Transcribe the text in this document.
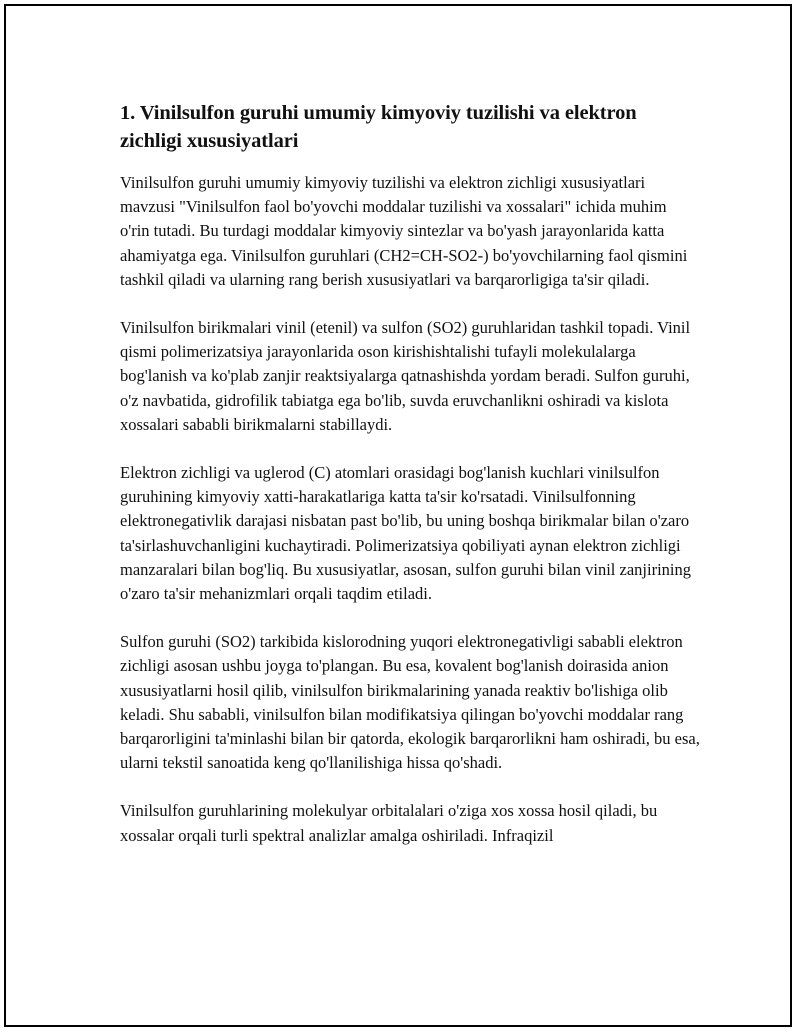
1. Vinilsulfon guruhi umumiy kimyoviy tuzilishi va elektron zichligi xususiyatlari

Vinilsulfon guruhi umumiy kimyoviy tuzilishi va elektron zichligi xususiyatlari mavzusi "Vinilsulfon faol bo'yovchi moddalar tuzilishi va xossalari" ichida muhim o'rin tutadi. Bu turdagi moddalar kimyoviy sintezlar va bo'yash jarayonlarida katta ahamiyatga ega. Vinilsulfon guruhlari (CH2=CH-SO2-) bo'yovchilarning faol qismini tashkil qiladi va ularning rang berish xususiyatlari va barqarorligiga ta'sir qiladi.

Vinilsulfon birikmalari vinil (etenil) va sulfon (SO2) guruhlaridan tashkil topadi. Vinil qismi polimerizatsiya jarayonlarida oson kirishishtalishi tufayli molekulalarga bog'lanish va ko'plab zanjir reaktsiyalarga qatnashishda yordam beradi. Sulfon guruhi, o'z navbatida, gidrofilik tabiatga ega bo'lib, suvda eruvchanlikni oshiradi va kislota xossalari sababli birikmalarni stabillaydi.

Elektron zichligi va uglerod (C) atomlari orasidagi bog'lanish kuchlari vinilsulfon guruhining kimyoviy xatti-harakatlariga katta ta'sir ko'rsatadi. Vinilsulfonning elektronegativlik darajasi nisbatan past bo'lib, bu uning boshqa birikmalar bilan o'zaro ta'sirlashuvchanligini kuchaytiradi. Polimerizatsiya qobiliyati aynan elektron zichligi manzaralari bilan bog'liq. Bu xususiyatlar, asosan, sulfon guruhi bilan vinil zanjirining o'zaro ta'sir mehanizmlari orqali taqdim etiladi.

Sulfon guruhi (SO2) tarkibida kislorodning yuqori elektronegativligi sababli elektron zichligi asosan ushbu joyga to'plangan. Bu esa, kovalent bog'lanish doirasida anion xususiyatlarni hosil qilib, vinilsulfon birikmalarining yanada reaktiv bo'lishiga olib keladi. Shu sababli, vinilsulfon bilan modifikatsiya qilingan bo'yovchi moddalar rang barqarorligini ta'minlashi bilan bir qatorda, ekologik barqarorlikni ham oshiradi, bu esa, ularni tekstil sanoatida keng qo'llanilishiga hissa qo'shadi.

Vinilsulfon guruhlarining molekulyar orbitalalari o'ziga xos xossa hosil qiladi, bu xossalar orqali turli spektral analizlar amalga oshiriladi. Infraqizil
